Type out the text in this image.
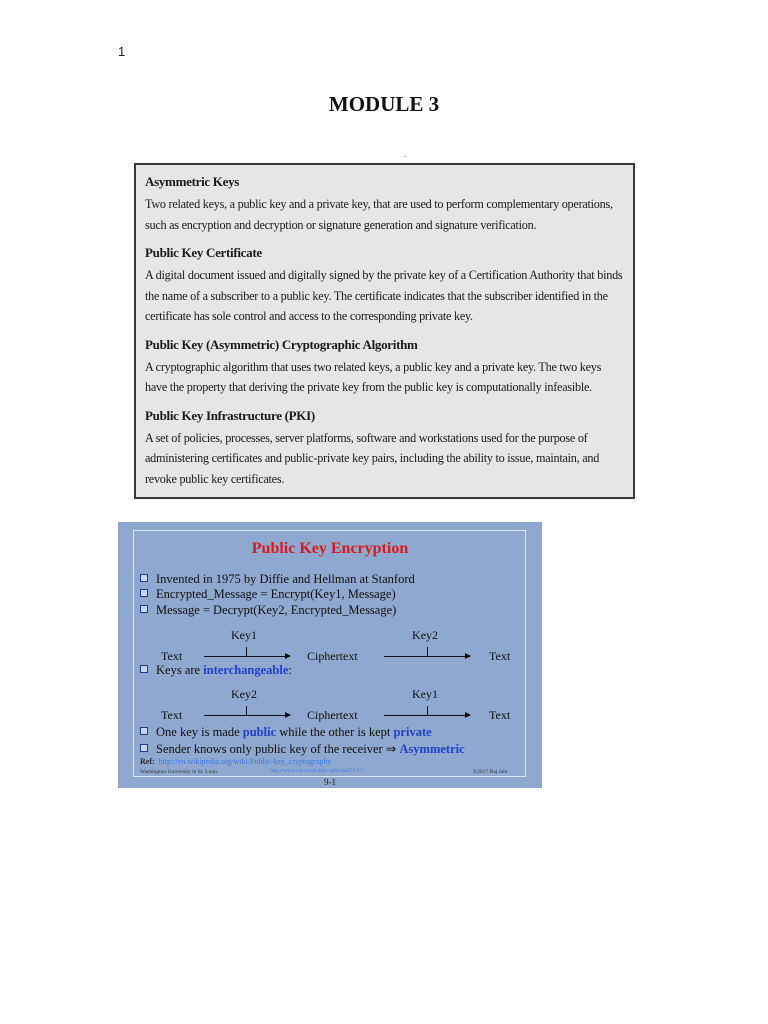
1
MODULE 3
.

Asymmetric Keys

Two related keys, a public key and a private key, that are used to perform complementary operations, such as encryption and decryption or signature generation and signature verification.

Public Key Certificate

A digital document issued and digitally signed by the private key of a Certification Authority that binds the name of a subscriber to a public key. The certificate indicates that the subscriber identified in the certificate has sole control and access to the corresponding private key.

Public Key (Asymmetric) Cryptographic Algorithm

A cryptographic algorithm that uses two related keys, a public key and a private key. The two keys have the property that deriving the private key from the public key is computationally infeasible.

Public Key Infrastructure (PKI)

A set of policies, processes, server platforms, software and workstations used for the purpose of administering certificates and public-private key pairs, including the ability to issue, maintain, and revoke public key certificates.

Public Key Encryption
Invented in 1975 by Diffie and Hellman at Stanford
Encrypted_Message = Encrypt(Key1, Message)
Message = Decrypt(Key2, Encrypted_Message)
Key1	Key2
Text	Ciphertext	Text
Keys are interchangeable:
Key2	Key1
Text	Ciphertext	Text
One key is made public while the other is kept private
Sender knows only public key of the receiver ⇒ Asymmetric
Ref: http://en.wikipedia.org/wiki/Public-key_cryptography
Washington University in St. Louis	http://www.cse.wustl.edu/~jain/cse571-17/	©2017 Raj Jain
9-1
